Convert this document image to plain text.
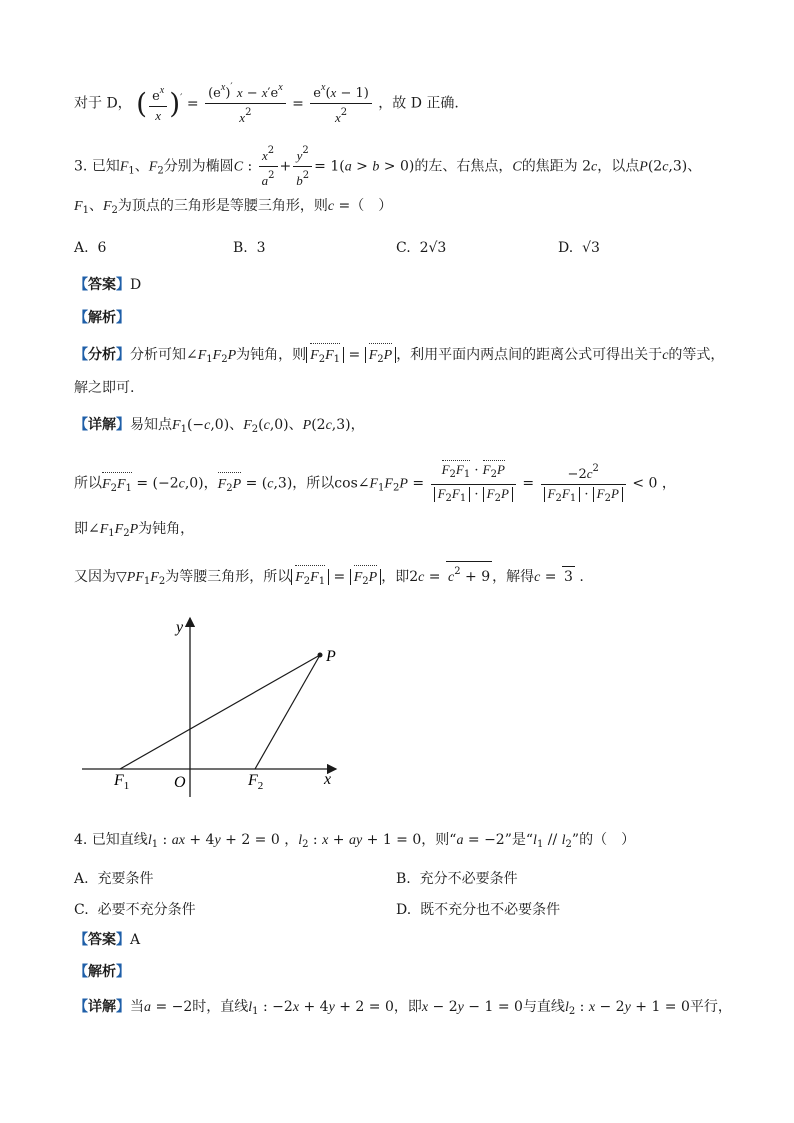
对于 D， ( $\frac{e^x}{x} )' = \frac{(e^x)' x - x'e^x}{x^2} = \frac{e^x(x - 1)}{x^2}$ ，故 D 正确.
3. 已知$F_1$、$F_2$分别为椭圆C : $\frac{x^2}{a^2} + \frac{y^2}{b^2} = 1(a > b > 0)$的左、右焦点，C的焦距为 2c，以点P(2c,3)、
$F_1$、$F_2$为顶点的三角形是等腰三角形，则c =（　）
A. 6	B. 3	C. 2√3	D. √3
【答案】D
【解析】
【分析】分析可知$\angle F_1F_2P$为钝角，则 $F_2F_1 = F_2P$ ，利用平面内两点间的距离公式可得出关于c的等式，
解之即可.
【详解】易知点$F_1(-c,0)$、$F_2(c,0)$、P(2c,3)，
所以$F_2F_1 = (-2c,0)$，$F_2P = (c,3)$，所以$\cos\angle F_1F_2P = \frac{F_2F_1 \cdot F_2P}{F_2F_1 \cdot F_2P} = \frac{-2c^2}{F_2F_1 \cdot F_2P} < 0$ ，
即$\angle F_1F_2P$为钝角，
又因为$▽PF_1F_2$为等腰三角形，所以 $F_2F_1 = F_2P$ ，即$2c = c^2 + 9$ ，解得c = 3 .
y
x
O
P
$F_1$	$F_2$
4. 已知直线$l_1$ : ax + 4y + 2 = 0 ，$l_2$ : x + ay + 1 = 0，则“a = −2”是“$l_1 // l_2$”的（　）
A. 充要条件	B. 充分不必要条件
C. 必要不充分条件	D. 既不充分也不必要条件
【答案】A
【解析】
【详解】当a = −2时，直线$l_1$ : −2x + 4y + 2 = 0，即x − 2y − 1 = 0与直线$l_2$ : x − 2y + 1 = 0平行，
